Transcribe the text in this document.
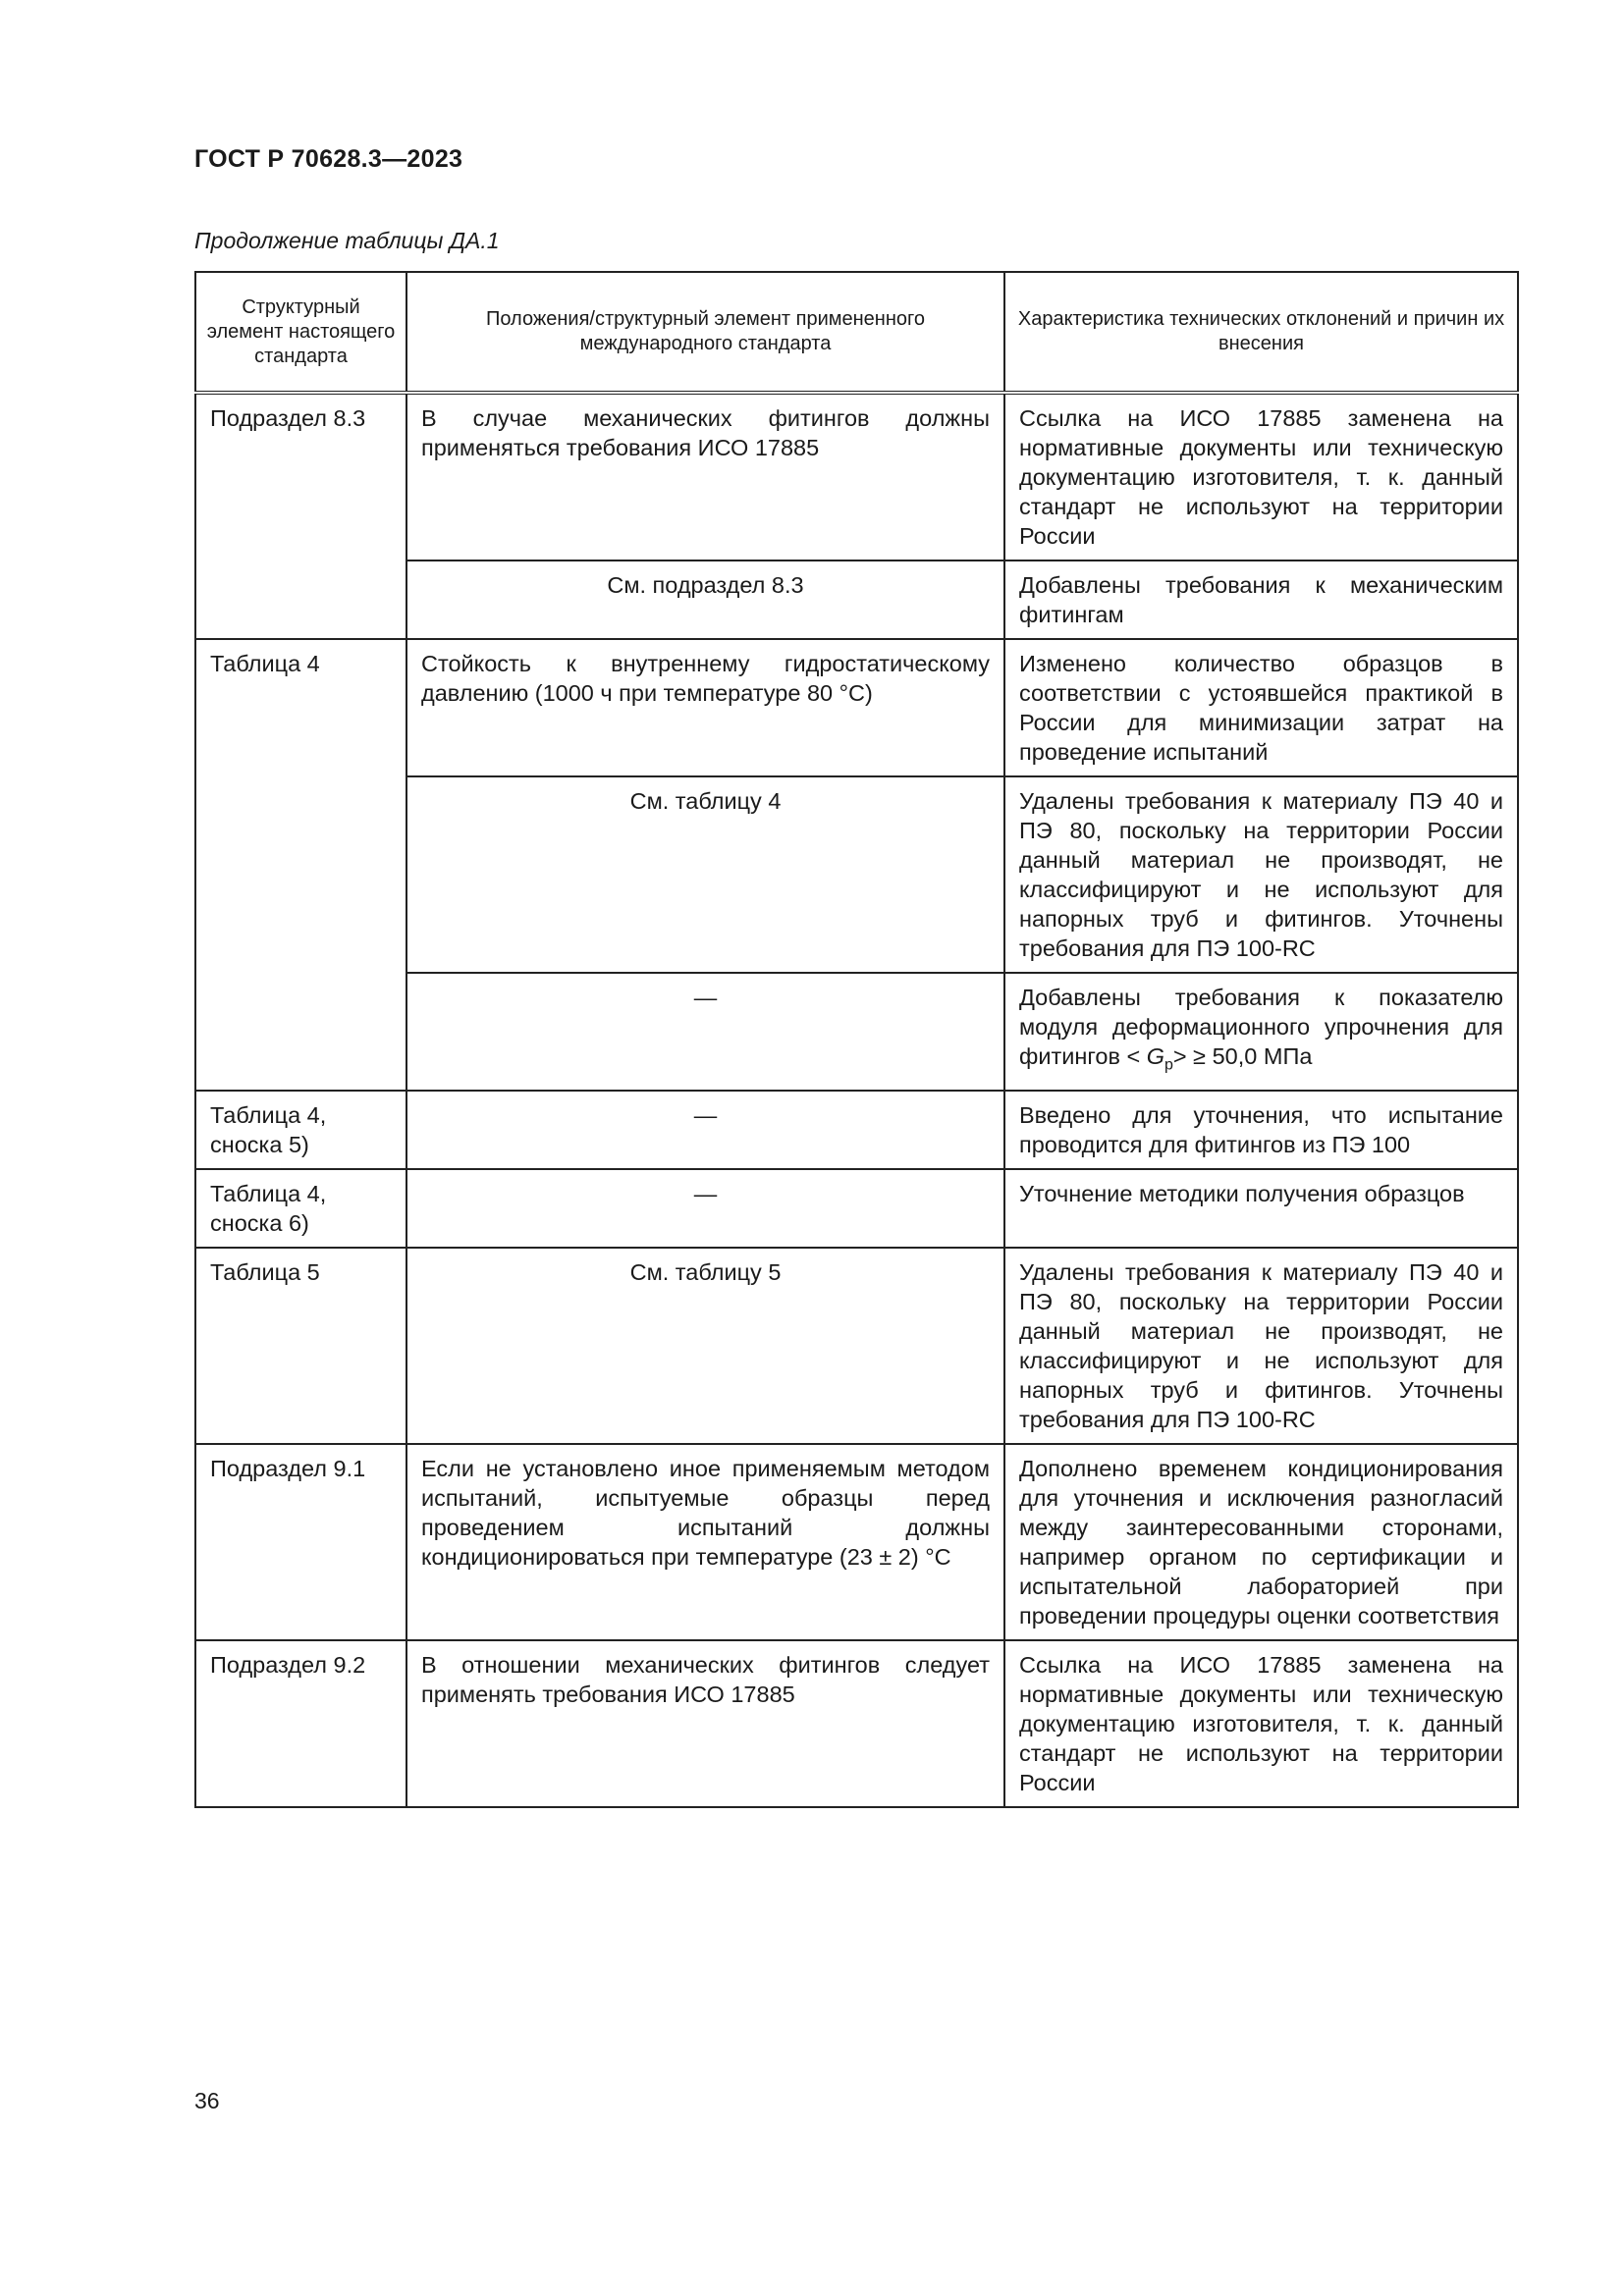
ГОСТ Р 70628.3—2023
Продолжение таблицы ДА.1
Структурный элемент настоящего стандарта	Положения/структурный элемент примененного международного стандарта	Характеристика технических отклонений и причин их внесения
Подраздел 8.3	В случае механических фитингов должны применяться требования ИСО 17885	Ссылка на ИСО 17885 заменена на нормативные документы или техническую документацию изготовителя, т. к. данный стандарт не используют на территории России
	См. подраздел 8.3	Добавлены требования к механическим фитингам
Таблица 4	Стойкость к внутреннему гидростатическому давлению (1000 ч при температуре 80 °С)	Изменено количество образцов в соответствии с устоявшейся практикой в России для минимизации затрат на проведение испытаний
	См. таблицу 4	Удалены требования к материалу ПЭ 40 и ПЭ 80, поскольку на территории России данный материал не производят, не классифицируют и не используют для напорных труб и фитингов. Уточнены требования для ПЭ 100-RC
	—	Добавлены требования к показателю модуля деформационного упрочнения для фитингов < $G_p> \ge 50,0$ МПа
Таблица 4, сноска 5)	—	Введено для уточнения, что испытание проводится для фитингов из ПЭ 100
Таблица 4, сноска 6)	—	Уточнение методики получения образцов
Таблица 5	См. таблицу 5	Удалены требования к материалу ПЭ 40 и ПЭ 80, поскольку на территории России данный материал не производят, не классифицируют и не используют для напорных труб и фитингов. Уточнены требования для ПЭ 100-RC
Подраздел 9.1	Если не установлено иное применяемым методом испытаний, испытуемые образцы перед проведением испытаний должны кондиционироваться при температуре (23 ± 2) °С	Дополнено временем кондиционирования для уточнения и исключения разногласий между заинтересованными сторонами, например органом по сертификации и испытательной лабораторией при проведении процедуры оценки соответствия
Подраздел 9.2	В отношении механических фитингов следует применять требования ИСО 17885	Ссылка на ИСО 17885 заменена на нормативные документы или техническую документацию изготовителя, т. к. данный стандарт не используют на территории России
36
